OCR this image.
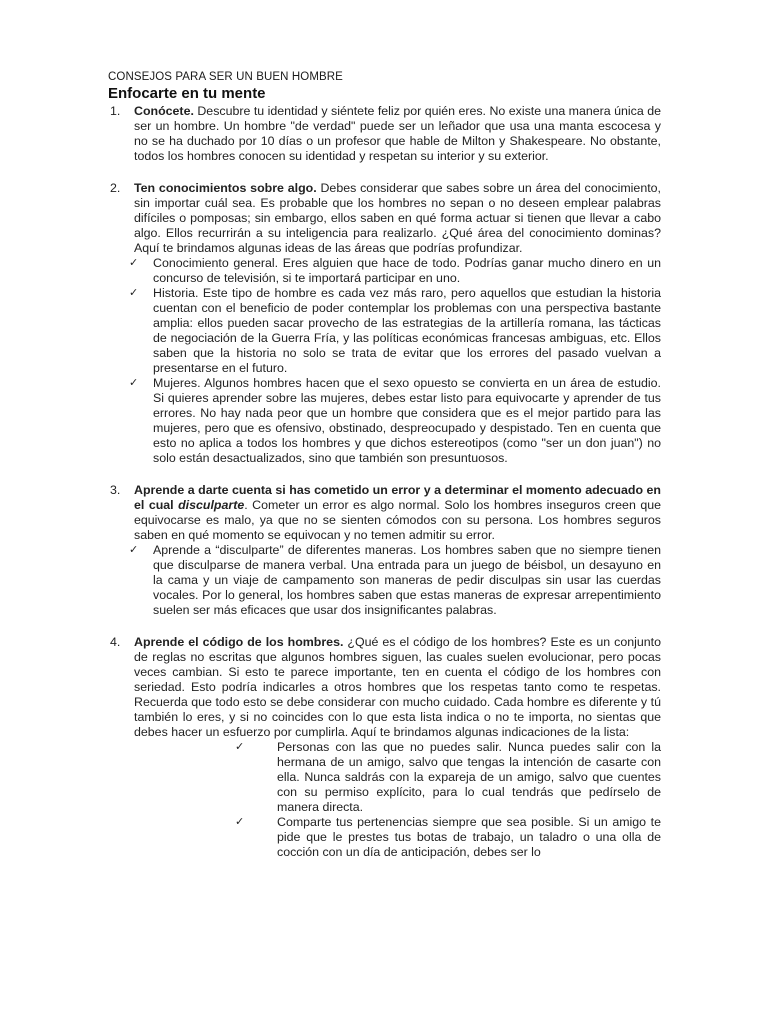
CONSEJOS PARA SER UN BUEN HOMBRE
Enfocarte en tu mente
1. Conócete. Descubre tu identidad y siéntete feliz por quién eres. No existe una manera única de ser un hombre. Un hombre "de verdad" puede ser un leñador que usa una manta escocesa y no se ha duchado por 10 días o un profesor que hable de Milton y Shakespeare. No obstante, todos los hombres conocen su identidad y respetan su interior y su exterior.

2. Ten conocimientos sobre algo. Debes considerar que sabes sobre un área del conocimiento, sin importar cuál sea. Es probable que los hombres no sepan o no deseen emplear palabras difíciles o pomposas; sin embargo, ellos saben en qué forma actuar si tienen que llevar a cabo algo. Ellos recurrirán a su inteligencia para realizarlo. ¿Qué área del conocimiento dominas? Aquí te brindamos algunas ideas de las áreas que podrías profundizar.

✓ Conocimiento general. Eres alguien que hace de todo. Podrías ganar mucho dinero en un concurso de televisión, si te importará participar en uno.
✓ Historia. Este tipo de hombre es cada vez más raro, pero aquellos que estudian la historia cuentan con el beneficio de poder contemplar los problemas con una perspectiva bastante amplia: ellos pueden sacar provecho de las estrategias de la artillería romana, las tácticas de negociación de la Guerra Fría, y las políticas económicas francesas ambiguas, etc. Ellos saben que la historia no solo se trata de evitar que los errores del pasado vuelvan a presentarse en el futuro.
✓ Mujeres. Algunos hombres hacen que el sexo opuesto se convierta en un área de estudio. Si quieres aprender sobre las mujeres, debes estar listo para equivocarte y aprender de tus errores. No hay nada peor que un hombre que considera que es el mejor partido para las mujeres, pero que es ofensivo, obstinado, despreocupado y despistado. Ten en cuenta que esto no aplica a todos los hombres y que dichos estereotipos (como "ser un don juan") no solo están desactualizados, sino que también son presuntuosos.
3. Aprende a darte cuenta si has cometido un error y a determinar el momento adecuado en el cual disculparte. Cometer un error es algo normal. Solo los hombres inseguros creen que equivocarse es malo, ya que no se sienten cómodos con su persona. Los hombres seguros saben en qué momento se equivocan y no temen admitir su error.

✓ Aprende a “disculparte” de diferentes maneras. Los hombres saben que no siempre tienen que disculparse de manera verbal. Una entrada para un juego de béisbol, un desayuno en la cama y un viaje de campamento son maneras de pedir disculpas sin usar las cuerdas vocales. Por lo general, los hombres saben que estas maneras de expresar arrepentimiento suelen ser más eficaces que usar dos insignificantes palabras.
4. Aprende el código de los hombres. ¿Qué es el código de los hombres? Este es un conjunto de reglas no escritas que algunos hombres siguen, las cuales suelen evolucionar, pero pocas veces cambian. Si esto te parece importante, ten en cuenta el código de los hombres con seriedad. Esto podría indicarles a otros hombres que los respetas tanto como te respetas. Recuerda que todo esto se debe considerar con mucho cuidado. Cada hombre es diferente y tú también lo eres, y si no coincides con lo que esta lista indica o no te importa, no sientas que debes hacer un esfuerzo por cumplirla. Aquí te brindamos algunas indicaciones de la lista:

✓	Personas con las que no puedes salir. Nunca puedes salir con la hermana de un amigo, salvo que tengas la intención de casarte con ella. Nunca saldrás con la expareja de un amigo, salvo que cuentes con su permiso explícito, para lo cual tendrás que pedírselo de manera directa.
✓	Comparte tus pertenencias siempre que sea posible. Si un amigo te pide que le prestes tus botas de trabajo, un taladro o una olla de cocción con un día de anticipación, debes ser lo
